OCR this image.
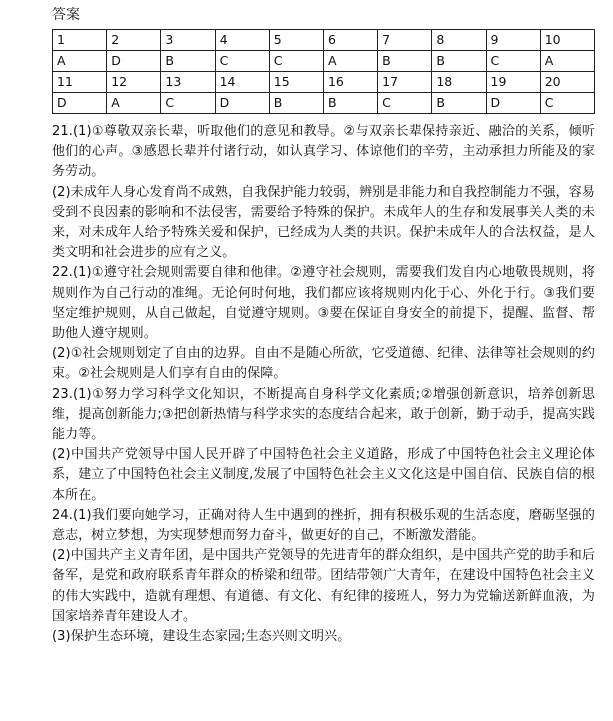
答案
1	2	3	4	5	6	7	8	9	10
A	D	B	C	C	A	B	B	C	A
11	12	13	14	15	16	17	18	19	20
D	A	C	D	B	B	C	B	D	C

21.(1)①尊敬双亲长辈，听取他们的意见和教导。②与双亲长辈保持亲近、融洽的关系，倾听他们的心声。③感恩长辈并付诸行动，如认真学习、体谅他们的辛劳，主动承担力所能及的家务劳动。

(2)未成年人身心发育尚不成熟，自我保护能力较弱，辨别是非能力和自我控制能力不强，容易受到不良因素的影响和不法侵害，需要给予特殊的保护。未成年人的生存和发展事关人类的未来，对未成年人给予特殊关爱和保护，已经成为人类的共识。保护未成年人的合法权益，是人类文明和社会进步的应有之义。

22.(1)①遵守社会规则需要自律和他律。②遵守社会规则，需要我们发自内心地敬畏规则，将规则作为自己行动的准绳。无论何时何地，我们都应该将规则内化于心、外化于行。③我们要坚定维护规则，从自己做起，自觉遵守规则。③要在保证自身安全的前提下，提醒、监督、帮助他人遵守规则。

(2)①社会规则划定了自由的边界。自由不是随心所欲，它受道德、纪律、法律等社会规则的约束。②社会规则是人们享有自由的保障。

23.(1)①努力学习科学文化知识，不断提高自身科学文化素质;②增强创新意识，培养创新思维，提高创新能力;③把创新热情与科学求实的态度结合起来，敢于创新，勤于动手，提高实践能力等。

(2)中国共产党领导中国人民开辟了中国特色社会主义道路，形成了中国特色社会主义理论体系，建立了中国特色社会主义制度,发展了中国特色社会主义文化这是中国自信、民族自信的根本所在。

24.(1)我们要向她学习，正确对待人生中遇到的挫折，拥有积极乐观的生活态度，磨砺坚强的意志，树立梦想，为实现梦想而努力奋斗，做更好的自己，不断激发潜能。

(2)中国共产主义青年团，是中国共产党领导的先进青年的群众组织，是中国共产党的助手和后备军，是党和政府联系青年群众的桥梁和纽带。团结带领广大青年，在建设中国特色社会主义的伟大实践中，造就有理想、有道德、有文化、有纪律的接班人，努力为党输送新鲜血液，为国家培养青年建设人才。

(3)保护生态环境，建设生态家园;生态兴则文明兴。
